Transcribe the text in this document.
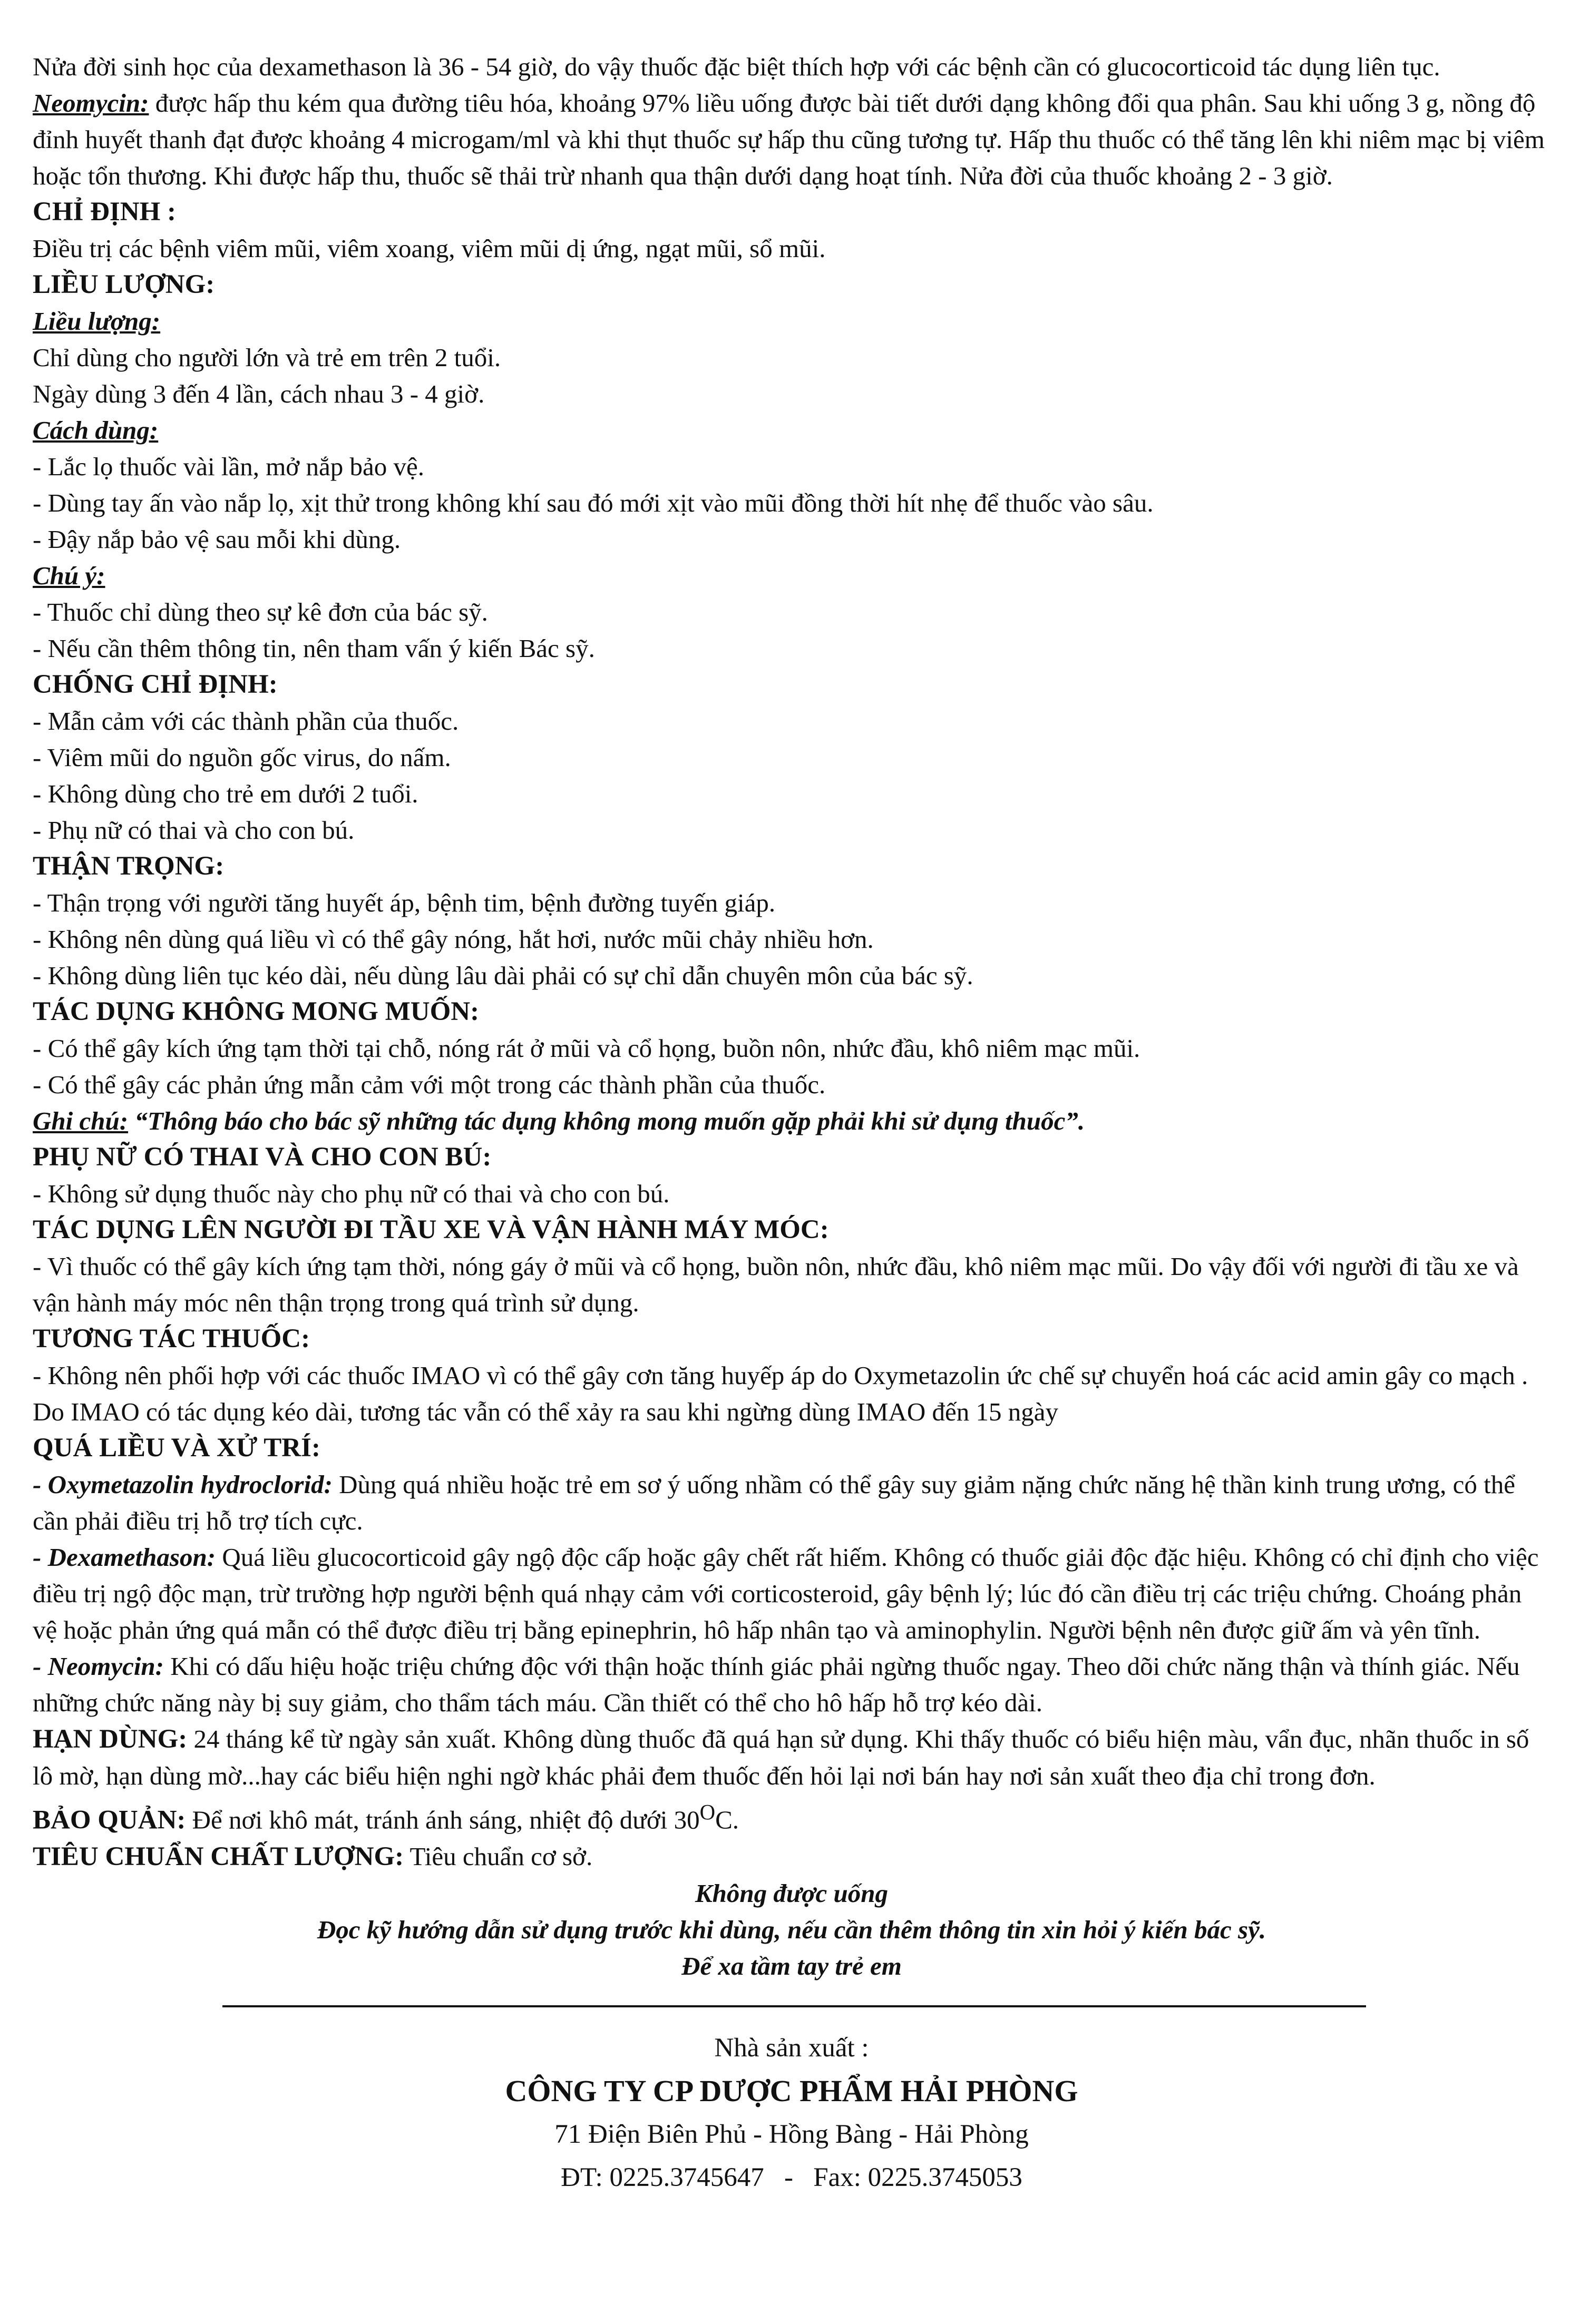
Nửa đời sinh học của dexamethason là 36 - 54 giờ, do vậy thuốc đặc biệt thích hợp với các bệnh cần có glucocorticoid tác dụng liên tục.

Neomycin: được hấp thu kém qua đường tiêu hóa, khoảng 97% liều uống được bài tiết dưới dạng không đổi qua phân. Sau khi uống 3 g, nồng độ đỉnh huyết thanh đạt được khoảng 4 microgam/ml và khi thụt thuốc sự hấp thu cũng tương tự. Hấp thu thuốc có thể tăng lên khi niêm mạc bị viêm hoặc tổn thương. Khi được hấp thu, thuốc sẽ thải trừ nhanh qua thận dưới dạng hoạt tính. Nửa đời của thuốc khoảng 2 - 3 giờ.

CHỈ ĐỊNH :

Điều trị các bệnh viêm mũi, viêm xoang, viêm mũi dị ứng, ngạt mũi, sổ mũi.

LIỀU LƯỢNG:

Liều lượng:

Chỉ dùng cho người lớn và trẻ em trên 2 tuổi.

Ngày dùng 3 đến 4 lần, cách nhau 3 - 4 giờ.

Cách dùng:

- Lắc lọ thuốc vài lần, mở nắp bảo vệ.

- Dùng tay ấn vào nắp lọ, xịt thử trong không khí sau đó mới xịt vào mũi đồng thời hít nhẹ để thuốc vào sâu.

- Đậy nắp bảo vệ sau mỗi khi dùng.

Chú ý:

- Thuốc chỉ dùng theo sự kê đơn của bác sỹ.

- Nếu cần thêm thông tin, nên tham vấn ý kiến Bác sỹ.

CHỐNG CHỈ ĐỊNH:

- Mẫn cảm với các thành phần của thuốc.

- Viêm mũi do nguồn gốc virus, do nấm.

- Không dùng cho trẻ em dưới 2 tuổi.

- Phụ nữ có thai và cho con bú.

THẬN TRỌNG:

- Thận trọng với người tăng huyết áp, bệnh tim, bệnh đường tuyến giáp.

- Không nên dùng quá liều vì có thể gây nóng, hắt hơi, nước mũi chảy nhiều hơn.

- Không dùng liên tục kéo dài, nếu dùng lâu dài phải có sự chỉ dẫn chuyên môn của bác sỹ.

TÁC DỤNG KHÔNG MONG MUỐN:

- Có thể gây kích ứng tạm thời tại chỗ, nóng rát ở mũi và cổ họng, buồn nôn, nhức đầu, khô niêm mạc mũi.

- Có thể gây các phản ứng mẫn cảm với một trong các thành phần của thuốc.

Ghi chú: “Thông báo cho bác sỹ những tác dụng không mong muốn gặp phải khi sử dụng thuốc”.

PHỤ NỮ CÓ THAI VÀ CHO CON BÚ:

- Không sử dụng thuốc này cho phụ nữ có thai và cho con bú.

TÁC DỤNG LÊN NGƯỜI ĐI TẦU XE VÀ VẬN HÀNH MÁY MÓC:

- Vì thuốc có thể gây kích ứng tạm thời, nóng gáy ở mũi và cổ họng, buồn nôn, nhức đầu, khô niêm mạc mũi. Do vậy đối với người đi tầu xe và vận hành máy móc nên thận trọng trong quá trình sử dụng.

TƯƠNG TÁC THUỐC:

- Không nên phối hợp với các thuốc IMAO vì có thể gây cơn tăng huyếp áp do Oxymetazolin ức chế sự chuyển hoá các acid amin gây co mạch . Do IMAO có tác dụng kéo dài, tương tác vẫn có thể xảy ra sau khi ngừng dùng IMAO đến 15 ngày

QUÁ LIỀU VÀ XỬ TRÍ:

- Oxymetazolin hydroclorid: Dùng quá nhiều hoặc trẻ em sơ ý uống nhầm có thể gây suy giảm nặng chức năng hệ thần kinh trung ương, có thể cần phải điều trị hỗ trợ tích cực.

- Dexamethason: Quá liều glucocorticoid gây ngộ độc cấp hoặc gây chết rất hiếm. Không có thuốc giải độc đặc hiệu. Không có chỉ định cho việc điều trị ngộ độc mạn, trừ trường hợp người bệnh quá nhạy cảm với corticosteroid, gây bệnh lý; lúc đó cần điều trị các triệu chứng. Choáng phản vệ hoặc phản ứng quá mẫn có thể được điều trị bằng epinephrin, hô hấp nhân tạo và aminophylin. Người bệnh nên được giữ ấm và yên tĩnh.

- Neomycin: Khi có dấu hiệu hoặc triệu chứng độc với thận hoặc thính giác phải ngừng thuốc ngay. Theo dõi chức năng thận và thính giác. Nếu những chức năng này bị suy giảm, cho thẩm tách máu. Cần thiết có thể cho hô hấp hỗ trợ kéo dài.

HẠN DÙNG: 24 tháng kể từ ngày sản xuất. Không dùng thuốc đã quá hạn sử dụng. Khi thấy thuốc có biểu hiện màu, vẩn đục, nhãn thuốc in số lô mờ, hạn dùng mờ...hay các biểu hiện nghi ngờ khác phải đem thuốc đến hỏi lại nơi bán hay nơi sản xuất theo địa chỉ trong đơn.

BẢO QUẢN: Để nơi khô mát, tránh ánh sáng, nhiệt độ dưới $30^OC$.

TIÊU CHUẨN CHẤT LƯỢNG: Tiêu chuẩn cơ sở.

Không được uống

Đọc kỹ hướng dẫn sử dụng trước khi dùng, nếu cần thêm thông tin xin hỏi ý kiến bác sỹ.

Để xa tầm tay trẻ em

Nhà sản xuất :
CÔNG TY CP DƯỢC PHẨM HẢI PHÒNG
71 Điện Biên Phủ - Hồng Bàng - Hải Phòng
ĐT: 0225.3745647   -   Fax: 0225.3745053
